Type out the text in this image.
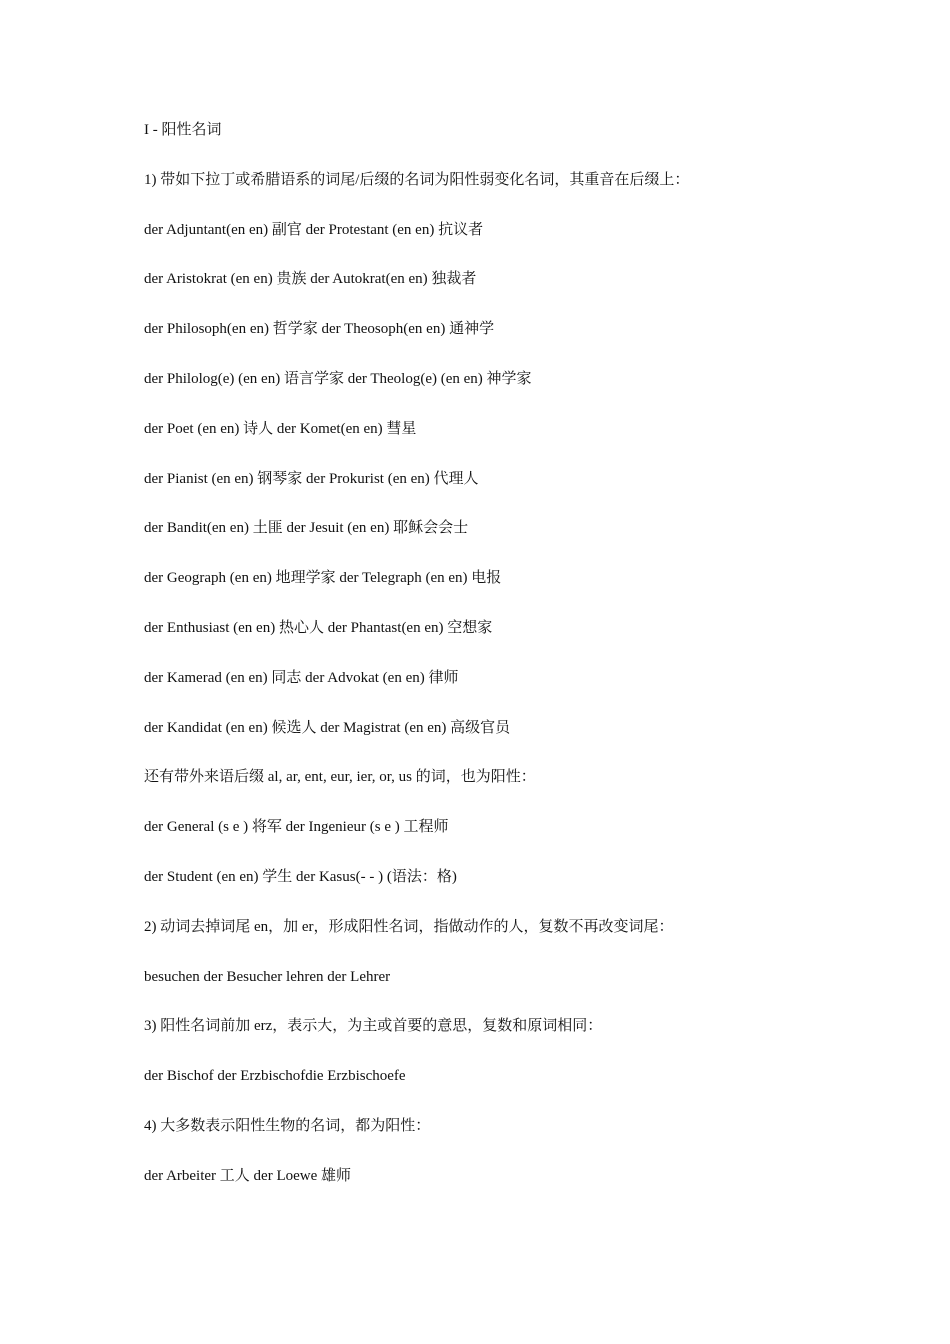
I - 阳性名词
1) 带如下拉丁或希腊语系的词尾/后缀的名词为阳性弱变化名词，其重音在后缀上：
der Adjuntant(en en) 副官 der Protestant (en en) 抗议者
der Aristokrat (en en) 贵族 der Autokrat(en en) 独裁者
der Philosoph(en en) 哲学家 der Theosoph(en en) 通神学
der Philolog(e) (en en) 语言学家 der Theolog(e) (en en) 神学家
der Poet (en en) 诗人 der Komet(en en) 彗星
der Pianist (en en) 钢琴家 der Prokurist (en en) 代理人
der Bandit(en en) 土匪 der Jesuit (en en) 耶稣会会士
der Geograph (en en) 地理学家 der Telegraph (en en) 电报
der Enthusiast (en en) 热心人 der Phantast(en en) 空想家
der Kamerad (en en) 同志 der Advokat (en en) 律师
der Kandidat (en en) 候选人 der Magistrat (en en) 高级官员
还有带外来语后缀 al, ar, ent, eur, ier, or, us 的词，也为阳性：
der General (s e ) 将军 der Ingenieur (s e ) 工程师
der Student (en en) 学生 der Kasus(- - ) (语法：格)
2) 动词去掉词尾 en，加 er，形成阳性名词，指做动作的人，复数不再改变词尾：
besuchen der Besucher lehren der Lehrer
3) 阳性名词前加 erz，表示大，为主或首要的意思，复数和原词相同：
der Bischof der Erzbischofdie Erzbischoefe
4) 大多数表示阳性生物的名词，都为阳性：
der Arbeiter 工人 der Loewe 雄师
